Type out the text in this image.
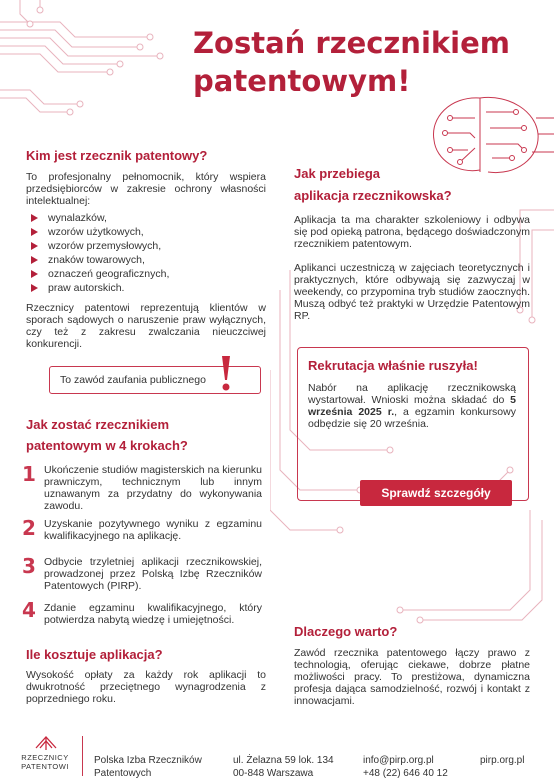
Zostań rzecznikiem
patentowym!
Kim jest rzecznik patentowy?

To profesjonalny pełnomocnik, który wspiera przedsiębiorców w zakresie ochrony własności intelektualnej:

wynalazków,
wzorów użytkowych,
wzorów przemysłowych,
znaków towarowych,
oznaczeń geograficznych,
praw autorskich.

Rzecznicy patentowi reprezentują klientów w sporach sądowych o naruszenie praw wyłącznych, czy też z zakresu zwalczania nieuczciwej konkurencji.

To zawód zaufania publicznego
Jak zostać rzecznikiem
patentowym w 4 krokach?
1 Ukończenie studiów magisterskich na kierunku prawniczym, technicznym lub innym uznawanym za przydatny do wykonywania zawodu.
2 Uzyskanie pozytywnego wyniku z egzaminu kwalifikacyjnego na aplikację.
3 Odbycie trzyletniej aplikacji rzecznikowskiej, prowadzonej przez Polską Izbę Rzeczników Patentowych (PIRP).
4 Zdanie egzaminu kwalifikacyjnego, który potwierdza nabytą wiedzę i umiejętności.
Ile kosztuje aplikacja?

Wysokość opłaty za każdy rok aplikacji to dwukrotność przeciętnego wynagrodzenia z poprzedniego roku.

Jak przebiega
aplikacja rzecznikowska?

Aplikacja ta ma charakter szkoleniowy i odbywa się pod opieką patrona, będącego doświadczonym rzecznikiem patentowym.

Aplikanci uczestniczą w zajęciach teoretycznych i praktycznych, które odbywają się zazwyczaj w weekendy, co przypomina tryb studiów zaocznych. Muszą odbyć też praktyki w Urzędzie Patentowym RP.

Rekrutacja właśnie ruszyła!

Nabór na aplikację rzecznikowską wystartował. Wnioski można składać do 5 września 2025 r., a egzamin konkursowy odbędzie się 20 września.

Sprawdź szczegóły
Dlaczego warto?

Zawód rzecznika patentowego łączy prawo z technologią, oferując ciekawe, dobrze płatne możliwości pracy. To prestiżowa, dynamiczna profesja dająca samodzielność, rozwój i kontakt z innowacjami.

RZECZNICY
PATENTOWI
Polska Izba Rzeczników
Patentowych
ul. Żelazna 59 lok. 134
00-848 Warszawa
info@pirp.org.pl
+48 (22) 646 40 12
pirp.org.pl
